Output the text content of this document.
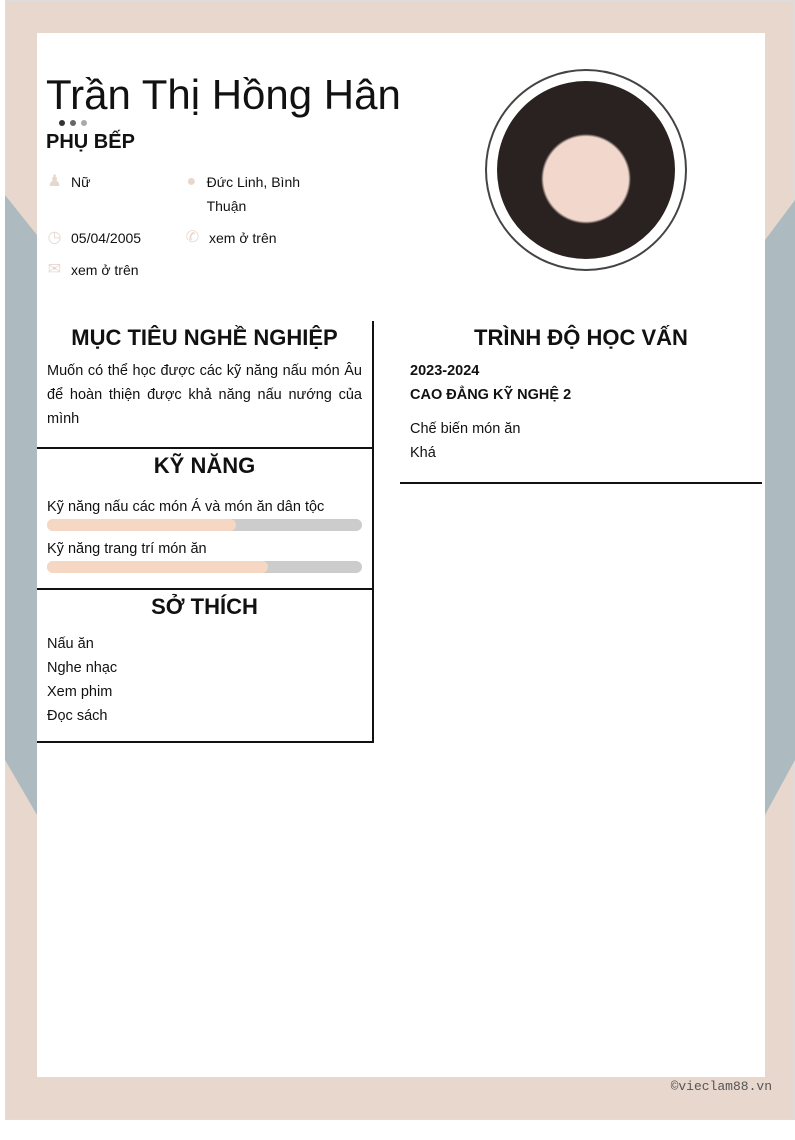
Trần Thị Hồng Hân
PHỤ BẾP
♟ Nữ	● Đức Linh, Bình Thuận
◷ 05/04/2005	✆ xem ở trên
✉ xem ở trên
MỤC TIÊU NGHỀ NGHIỆP

Muốn có thể học được các kỹ năng nấu món Âu để hoàn thiện được khả năng nấu nướng của mình

KỸ NĂNG

Kỹ năng nấu các món Á và món ăn dân tộc

Kỹ năng trang trí món ăn

SỞ THÍCH

Nấu ăn

Nghe nhạc

Xem phim

Đọc sách

TRÌNH ĐỘ HỌC VẤN

2023-2024

CAO ĐẲNG KỸ NGHỆ 2

Chế biến món ăn

Khá

©vieclam88.vn
